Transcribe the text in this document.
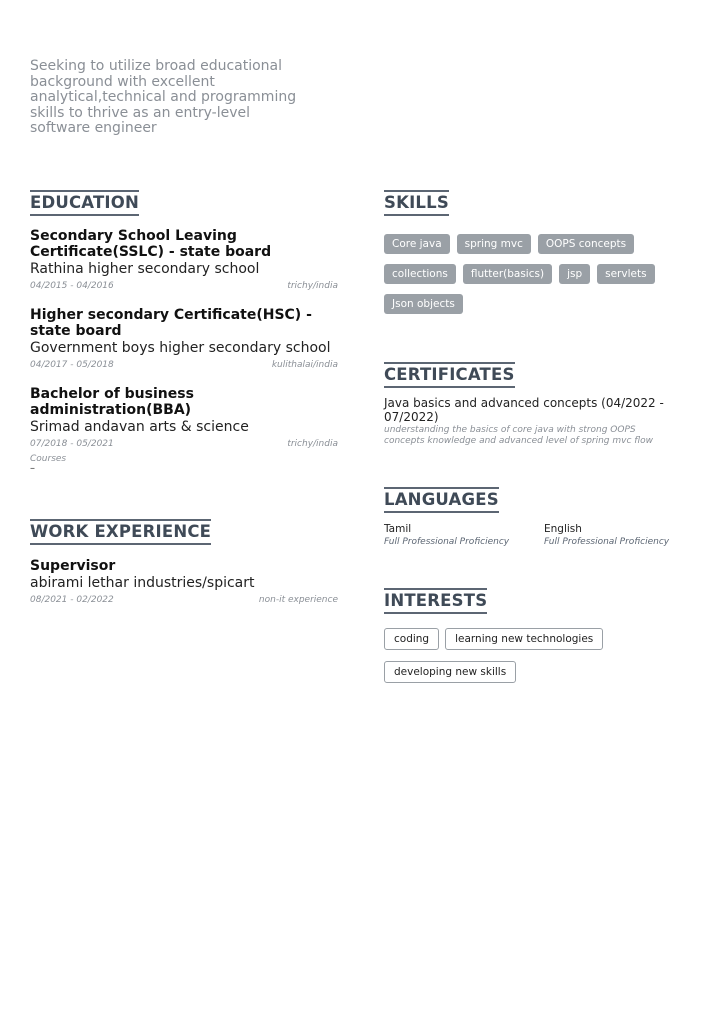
Seeking to utilize broad educational background with excellent analytical,technical and programming skills to thrive as an entry-level software engineer
EDUCATION
Secondary School Leaving Certificate(SSLC) - state board
Rathina higher secondary school
04/2015 - 04/2016	trichy/india
Higher secondary Certificate(HSC) - state board
Government boys higher secondary school
04/2017 - 05/2018	kulithalai/india
Bachelor of business administration(BBA)
Srimad andavan arts & science
07/2018 - 05/2021	trichy/india
Courses
–
WORK EXPERIENCE
Supervisor
abirami lethar industries/spicart
08/2021 - 02/2022	non-it experience
SKILLS
Core java	spring mvc	OOPS concepts
collections	flutter(basics)	jsp	servlets
Json objects
CERTIFICATES
Java basics and advanced concepts (04/2022 - 07/2022)
understanding the basics of core java with strong OOPS concepts knowledge and advanced level of spring mvc flow
LANGUAGES
Tamil
Full Professional Proficiency
English
Full Professional Proficiency
INTERESTS
coding	learning new technologies
developing new skills
